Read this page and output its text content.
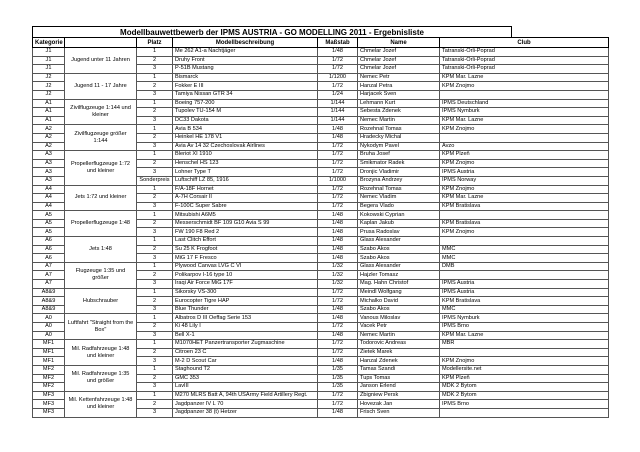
Modellbauwettbewerb der IPMS AUSTRIA - GO MODELLING 2011 - Ergebnisliste
Kategorie		Platz	Modellbeschreibung	Maßstab	Name	Club
J1	Jugend unter 11 Jahren	1	Me 262 A1-a Nachtjäger	1/48	Chmelar Jozef	Tatranski-Orli-Poprad
J1		2	Druhy Front	1/72	Chmelar Jozef	Tatranski-Orli-Poprad
J1		3	P-51B Mustang	1/72	Chmelar Jozef	Tatranski-Orli-Poprad
J2	Jugend 11 - 17 Jahre	1	Bismarck	1/1200	Nemec Petr	KPM Mar. Lazne
J2		2	Fokker E III	1/72	Hanzal Petra	KPM Znojmo
J2		3	Tamiya Nissan GTR 34	1/24	Harjacek Sven	
A1	Zivilflugzeuge 1:144 und kleiner	1	Boeing 757-200	1/144	Lehmann Kurt	IPMS Deutschland
A1		2	Tupolev TU-154 M	1/144	Sebesta Zdenek	IPMS Nymburk
A1		3	DC33 Dakota	1/144	Nemec Martin	KPM Mar. Lazne
A2	Zivilflugzeuge größer 1:144	1	Avia B 534	1/48	Rozehnal Tomas	KPM Znojmo
A2		2	Heinkel HE 178 V1	1/48	Hradecky Michal	
A2		3	Avia Av 14 32 Czechoslovak Airlines	1/72	Nykodym Pavel	Avzo
A3	Propellerflugzeuge 1:72 und kleiner	1	Bleriot XI 1910	1/72	Bruha Josef	KPM Plzeň
A3		2	Henschel HS 123	1/72	Smikmator Radek	KPM Znojmo
A3		3	Lohner Type T	1/72	Dronjic Vladimir	IPMS Austria
A3		Sonderpreis	Luftschiff LZ 85, 1916	1/1000	Brozyna Andrzey	IPMS Norway
A4	Jets 1:72 und kleiner	1	F/A-18F Hornet	1/72	Rozehnal Tomas	KPM Znojmo
A4		2	A-7H Corsair II	1/72	Nemec Vladim	KPM Mar. Lazne
A4		3	F-100C Super Sabre	1/72	Begera Vlado	KPM Bratislava
A5	Propellerflugzeuge 1:48	1	Mitsubishi A6M5	1/48	Kokowski Cyprian	
A5		2	Messerschmidt BF 109 G10 Avia S 99	1/48	Kaplan Jakub	KPM Bratislava
A5		3	FW 190 F8 Red 2	1/48	Prusa Radoslav	KPM Znojmo
A6	Jets 1:48	1	Last Clitch Effort	1/48	Glass Alexander	
A6		2	Su 25 K Frogfoot	1/48	Szabo Akos	MMC
A6		3	MiG 17 F Fresco	1/48	Szabo Akos	MMC
A7	Flugzeuge 1:35 und größer	1	Plywood Canvas LVG C VI	1/32	Glass Alexander	DMB
A7		2	Polikarpov I-16 type 10	1/32	Hajzler Tomasz	
A7		3	Iraqi Air Force MiG 17F	1/32	Mag. Hahn Christof	IPMS Austria
A8&9	Hubschrauber	1	Sikorsky VS-300	1/72	Meindl Wolfgang	IPMS Austria
A8&9		2	Eurocopter Tigre HAP	1/72	Michalko David	KPM Bratislava
A8&9		3	Blue Thunder	1/48	Szabo Akos	MMC
A0	Luftfahrt "Straight from the Box"	1	Albatros D III Oeffag Serie 153	1/48	Vanous Miloslav	IPMS Nymburk
A0		2	Ki 48 Lily I	1/72	Vacek Petr	IPMS Brno
A0		3	Bell X-1	1/48	Nemec Martin	KPM Mar. Lazne
MF1	Mil. Radfahrzeuge 1:48 und kleiner	1	M1070HET Panzertransporter Zugmaschine	1/72	Todorovic Andreas	MBR
MF1		2	Citroen 23 C	1/72	Zietek Marek	
MF1		3	M-2 D Scout Car	1/48	Hanzal Zdenek	KPM Znojmo
MF2	Mil. Radfahrzeuge 1:35 und größer	1	Staghound T2	1/35	Tamas Szandi	Modellersite.net
MF2		2	GMC 353	1/35	Tups Tomas	KPM Plzeň
MF2		3	LavIII	1/35	Janson Erlend	MDK 2 Bytom
MF3	Mil. Kettenfahrzeuge 1:48 und kleiner	1	M270 MLRS Batt A, 94th USArmy Field Artillery Regt.	1/72	Zbigniew Persk	MDK 2 Bytom
MF3		2	Jagdpanzer IV L 70	1/72	Hovezak Jan	IPMS Brno
MF3		3	Jagdpanzer 38 (t) Hetzer	1/48	Frisch Sven	
